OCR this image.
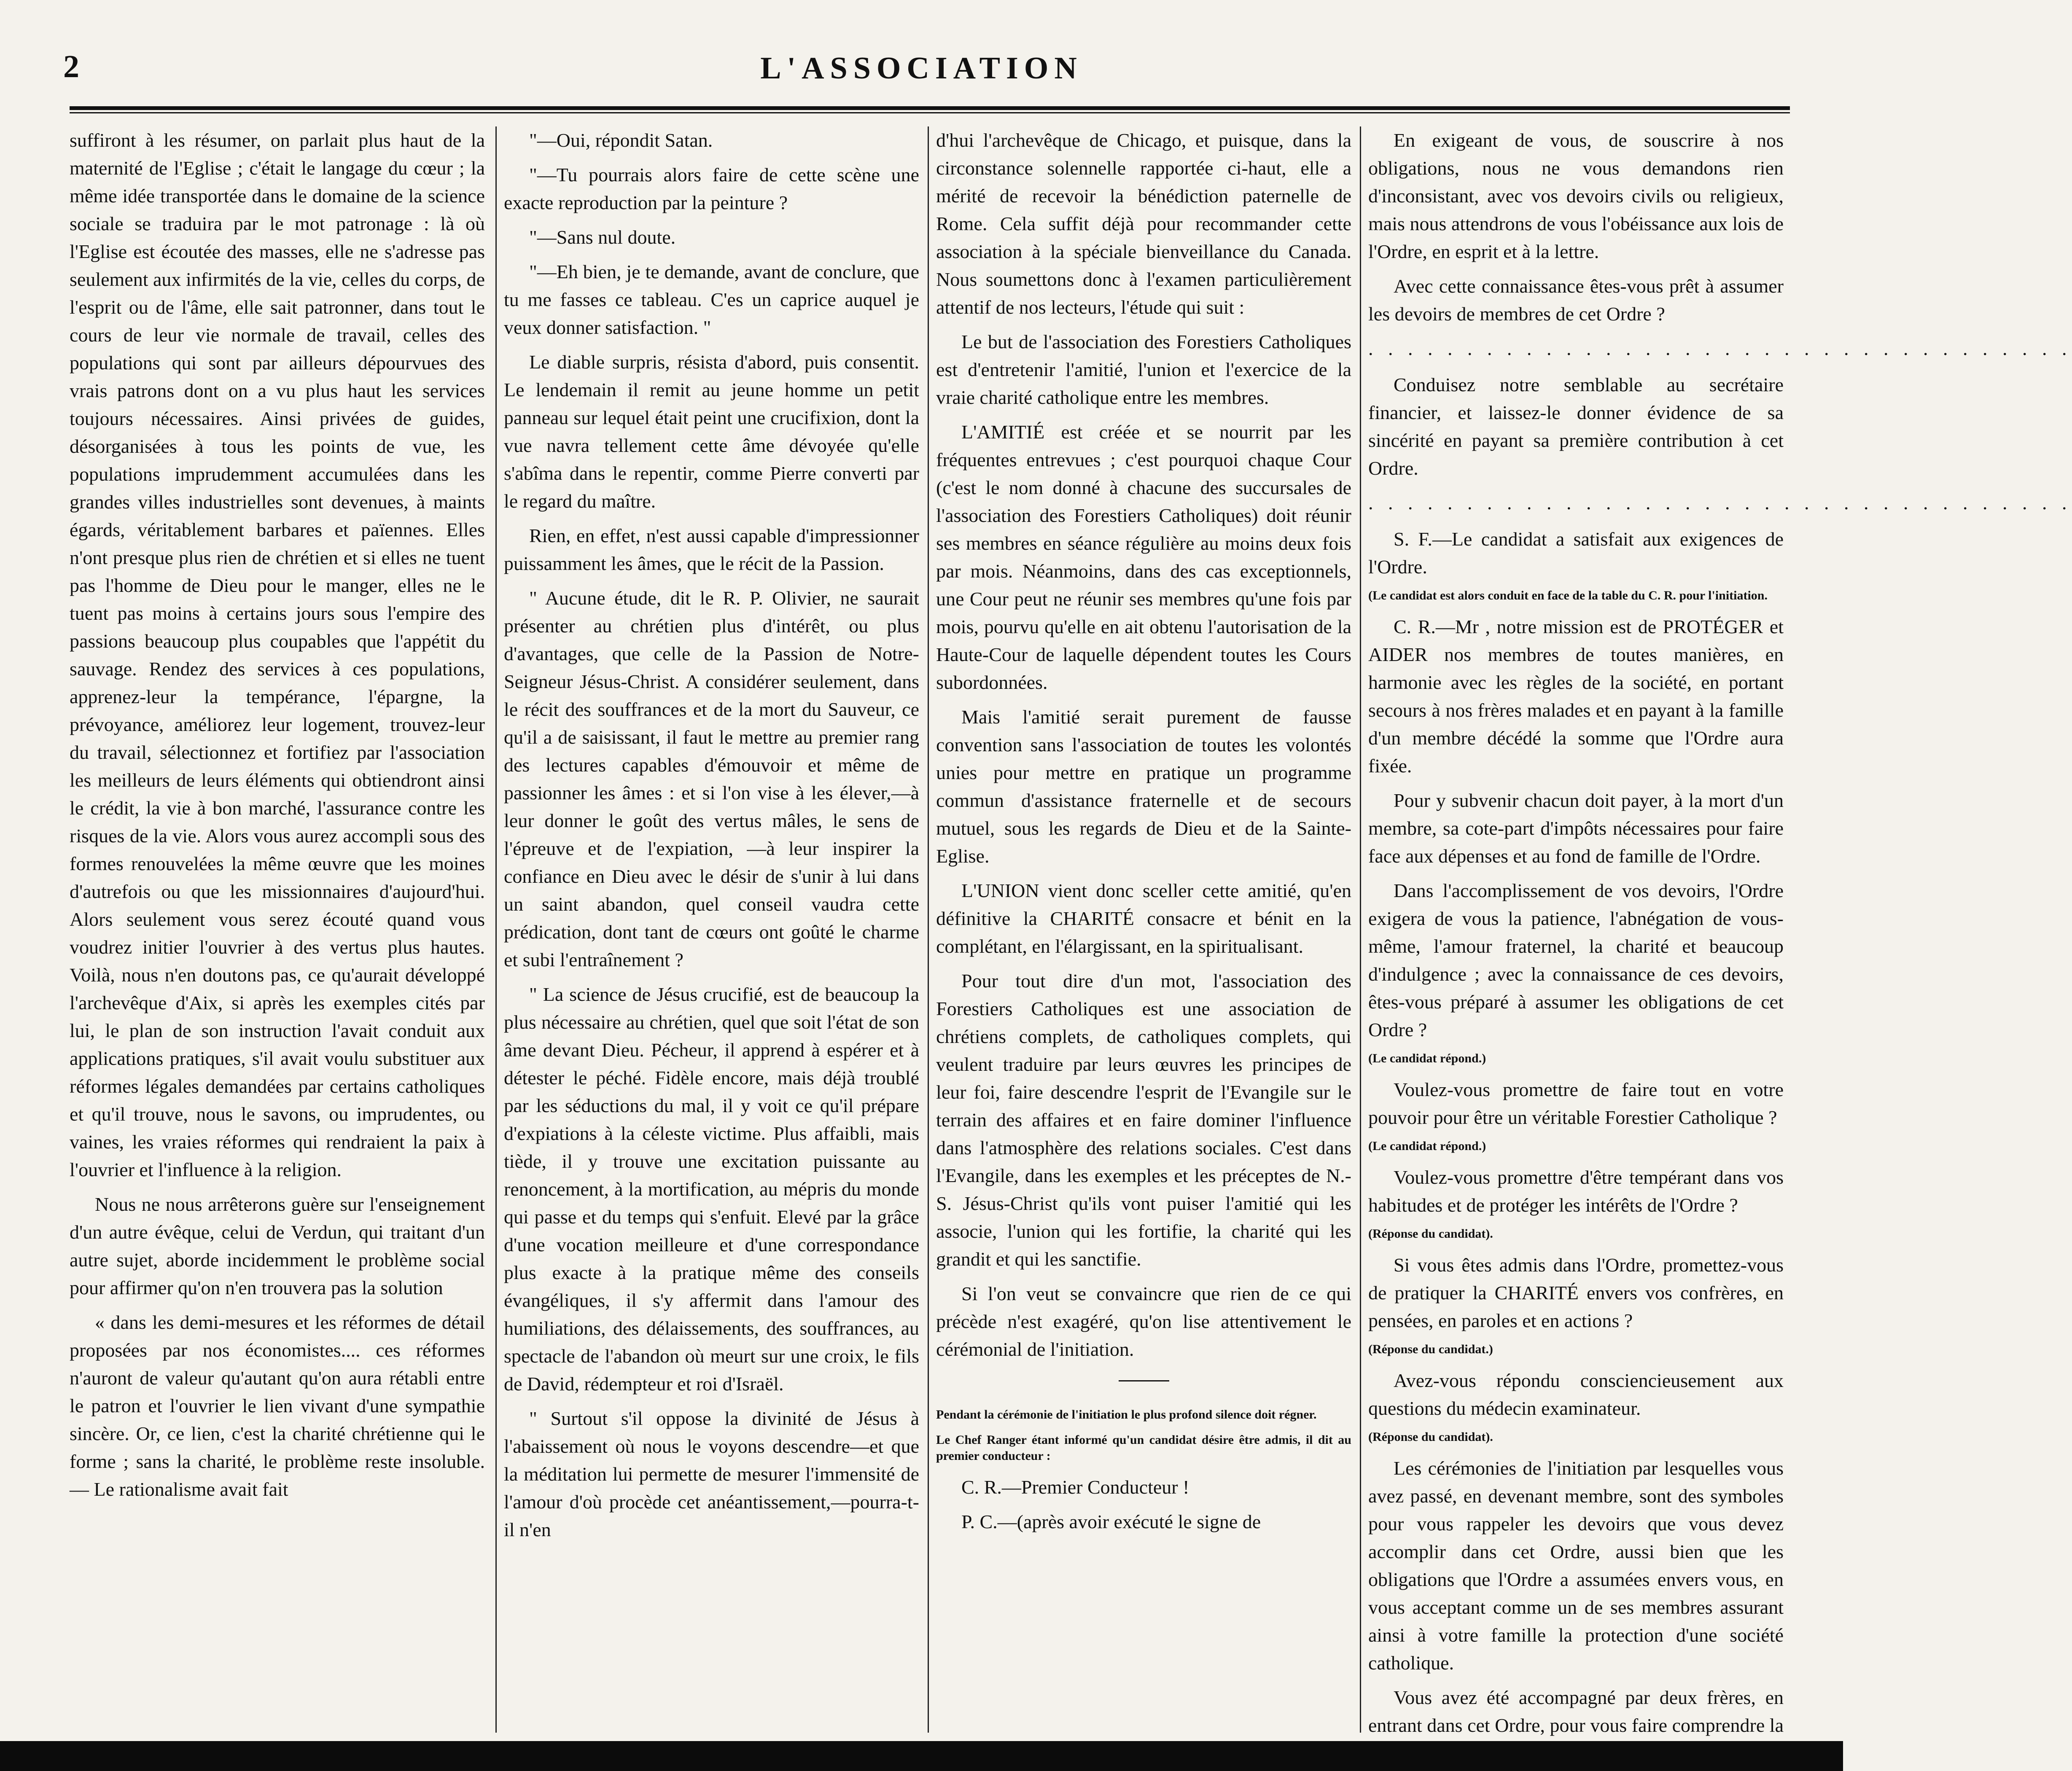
2	L'ASSOCIATION

suffiront à les résumer, on parlait plus haut de la maternité de l'Eglise ; c'était le langage du cœur ; la même idée transportée dans le domaine de la science sociale se traduira par le mot patronage : là où l'Eglise est écoutée des masses, elle ne s'adresse pas seulement aux infirmités de la vie, celles du corps, de l'esprit ou de l'âme, elle sait patronner, dans tout le cours de leur vie normale de travail, celles des populations qui sont par ailleurs dépourvues des vrais patrons dont on a vu plus haut les services toujours nécessaires. Ainsi privées de guides, désorganisées à tous les points de vue, les populations imprudemment accumulées dans les grandes villes industrielles sont devenues, à maints égards, véritablement barbares et païennes. Elles n'ont presque plus rien de chrétien et si elles ne tuent pas l'homme de Dieu pour le manger, elles ne le tuent pas moins à certains jours sous l'empire des passions beaucoup plus coupables que l'appétit du sauvage. Rendez des services à ces populations, apprenez-leur la tempérance, l'épargne, la prévoyance, améliorez leur logement, trouvez-leur du travail, sélectionnez et fortifiez par l'association les meilleurs de leurs éléments qui obtiendront ainsi le crédit, la vie à bon marché, l'assurance contre les risques de la vie. Alors vous aurez accompli sous des formes renouvelées la même œuvre que les moines d'autrefois ou que les missionnaires d'aujourd'hui. Alors seulement vous serez écouté quand vous voudrez initier l'ouvrier à des vertus plus hautes. Voilà, nous n'en doutons pas, ce qu'aurait développé l'archevêque d'Aix, si après les exemples cités par lui, le plan de son instruction l'avait conduit aux applications pratiques, s'il avait voulu substituer aux réformes légales demandées par certains catholiques et qu'il trouve, nous le savons, ou imprudentes, ou vaines, les vraies réformes qui rendraient la paix à l'ouvrier et l'influence à la religion.

Nous ne nous arrêterons guère sur l'enseignement d'un autre évêque, celui de Verdun, qui traitant d'un autre sujet, aborde incidemment le problème social pour affirmer qu'on n'en trouvera pas la solution

« dans les demi-mesures et les réformes de détail proposées par nos économistes.... ces réformes n'auront de valeur qu'autant qu'on aura rétabli entre le patron et l'ouvrier le lien vivant d'une sympathie sincère. Or, ce lien, c'est la charité chrétienne qui le forme ; sans la charité, le problème reste insoluble. — Le rationalisme avait fait

"—Oui, répondit Satan.

"—Tu pourrais alors faire de cette scène une exacte reproduction par la peinture ?

"—Sans nul doute.

"—Eh bien, je te demande, avant de conclure, que tu me fasses ce tableau. C'es un caprice auquel je veux donner satisfaction. "

Le diable surpris, résista d'abord, puis consentit. Le lendemain il remit au jeune homme un petit panneau sur lequel était peint une crucifixion, dont la vue navra tellement cette âme dévoyée qu'elle s'abîma dans le repentir, comme Pierre converti par le regard du maître.

Rien, en effet, n'est aussi capable d'impressionner puissamment les âmes, que le récit de la Passion.

" Aucune étude, dit le R. P. Olivier, ne saurait présenter au chrétien plus d'intérêt, ou plus d'avantages, que celle de la Passion de Notre-Seigneur Jésus-Christ. A considérer seulement, dans le récit des souffrances et de la mort du Sauveur, ce qu'il a de saisissant, il faut le mettre au premier rang des lectures capables d'émouvoir et même de passionner les âmes : et si l'on vise à les élever,—à leur donner le goût des vertus mâles, le sens de l'épreuve et de l'expiation, —à leur inspirer la confiance en Dieu avec le désir de s'unir à lui dans un saint abandon, quel conseil vaudra cette prédication, dont tant de cœurs ont goûté le charme et subi l'entraînement ?

" La science de Jésus crucifié, est de beaucoup la plus nécessaire au chrétien, quel que soit l'état de son âme devant Dieu. Pécheur, il apprend à espérer et à détester le péché. Fidèle encore, mais déjà troublé par les séductions du mal, il y voit ce qu'il prépare d'expiations à la céleste victime. Plus affaibli, mais tiède, il y trouve une excitation puissante au renoncement, à la mortification, au mépris du monde qui passe et du temps qui s'enfuit. Elevé par la grâce d'une vocation meilleure et d'une correspondance plus exacte à la pratique même des conseils évangéliques, il s'y affermit dans l'amour des humiliations, des délaissements, des souffrances, au spectacle de l'abandon où meurt sur une croix, le fils de David, rédempteur et roi d'Israël.

" Surtout s'il oppose la divinité de Jésus à l'abaissement où nous le voyons descendre—et que la méditation lui permette de mesurer l'immensité de l'amour d'où procède cet anéantissement,—pourra-t-il n'en

d'hui l'archevêque de Chicago, et puisque, dans la circonstance solennelle rapportée ci-haut, elle a mérité de recevoir la bénédiction paternelle de Rome. Cela suffit déjà pour recommander cette association à la spéciale bienveillance du Canada. Nous soumettons donc à l'examen particulièrement attentif de nos lecteurs, l'étude qui suit :

Le but de l'association des Forestiers Catholiques est d'entretenir l'amitié, l'union et l'exercice de la vraie charité catholique entre les membres.

L'AMITIÉ est créée et se nourrit par les fréquentes entrevues ; c'est pourquoi chaque Cour (c'est le nom donné à chacune des succursales de l'association des Forestiers Catholiques) doit réunir ses membres en séance régulière au moins deux fois par mois. Néanmoins, dans des cas exceptionnels, une Cour peut ne réunir ses membres qu'une fois par mois, pourvu qu'elle en ait obtenu l'autorisation de la Haute-Cour de laquelle dépendent toutes les Cours subordonnées.

Mais l'amitié serait purement de fausse convention sans l'association de toutes les volontés unies pour mettre en pratique un programme commun d'assistance fraternelle et de secours mutuel, sous les regards de Dieu et de la Sainte-Eglise.

L'UNION vient donc sceller cette amitié, qu'en définitive la CHARITÉ consacre et bénit en la complétant, en l'élargissant, en la spiritualisant.

Pour tout dire d'un mot, l'association des Forestiers Catholiques est une association de chrétiens complets, de catholiques complets, qui veulent traduire par leurs œuvres les principes de leur foi, faire descendre l'esprit de l'Evangile sur le terrain des affaires et en faire dominer l'influence dans l'atmosphère des relations sociales. C'est dans l'Evangile, dans les exemples et les préceptes de N.-S. Jésus-Christ qu'ils vont puiser l'amitié qui les associe, l'union qui les fortifie, la charité qui les grandit et qui les sanctifie.

Si l'on veut se convaincre que rien de ce qui précède n'est exagéré, qu'on lise attentivement le cérémonial de l'initiation.

Pendant la cérémonie de l'initiation le plus profond silence doit régner.

Le Chef Ranger étant informé qu'un candidat désire être admis, il dit au premier conducteur :

C. R.—Premier Conducteur !

P. C.—(après avoir exécuté le signe de

En exigeant de vous, de souscrire à nos obligations, nous ne vous demandons rien d'inconsistant, avec vos devoirs civils ou religieux, mais nous attendrons de vous l'obéissance aux lois de l'Ordre, en esprit et à la lettre.

Avec cette connaissance êtes-vous prêt à assumer les devoirs de membres de cet Ordre ?

. . . . . . . . . . . . . . . . . . . . . . . . . . . . . . . . . . . .

Conduisez notre semblable au secrétaire financier, et laissez-le donner évidence de sa sincérité en payant sa première contribution à cet Ordre.

. . . . . . . . . . . . . . . . . . . . . . . . . . . . . . . . . . . .

S. F.—Le candidat a satisfait aux exigences de l'Ordre.

(Le candidat est alors conduit en face de la table du C. R. pour l'initiation.

C. R.—Mr , notre mission est de PROTÉGER et AIDER nos membres de toutes manières, en harmonie avec les règles de la société, en portant secours à nos frères malades et en payant à la famille d'un membre décédé la somme que l'Ordre aura fixée.

Pour y subvenir chacun doit payer, à la mort d'un membre, sa cote-part d'impôts nécessaires pour faire face aux dépenses et au fond de famille de l'Ordre.

Dans l'accomplissement de vos devoirs, l'Ordre exigera de vous la patience, l'abnégation de vous-même, l'amour fraternel, la charité et beaucoup d'indulgence ; avec la connaissance de ces devoirs, êtes-vous préparé à assumer les obligations de cet Ordre ?

(Le candidat répond.)

Voulez-vous promettre de faire tout en votre pouvoir pour être un véritable Forestier Catholique ?

(Le candidat répond.)

Voulez-vous promettre d'être tempérant dans vos habitudes et de protéger les intérêts de l'Ordre ?

(Réponse du candidat).

Si vous êtes admis dans l'Ordre, promettez-vous de pratiquer la CHARITÉ envers vos confrères, en pensées, en paroles et en actions ?

(Réponse du candidat.)

Avez-vous répondu consciencieusement aux questions du médecin examinateur.

(Réponse du candidat).

Les cérémonies de l'initiation par lesquelles vous avez passé, en devenant membre, sont des symboles pour vous rappeler les devoirs que vous devez accomplir dans cet Ordre, aussi bien que les obligations que l'Ordre a assumées envers vous, en vous acceptant comme un de ses membres assurant ainsi à votre famille la protection d'une société catholique.

Vous avez été accompagné par deux frères, en entrant dans cet Ordre, pour vous faire comprendre la
